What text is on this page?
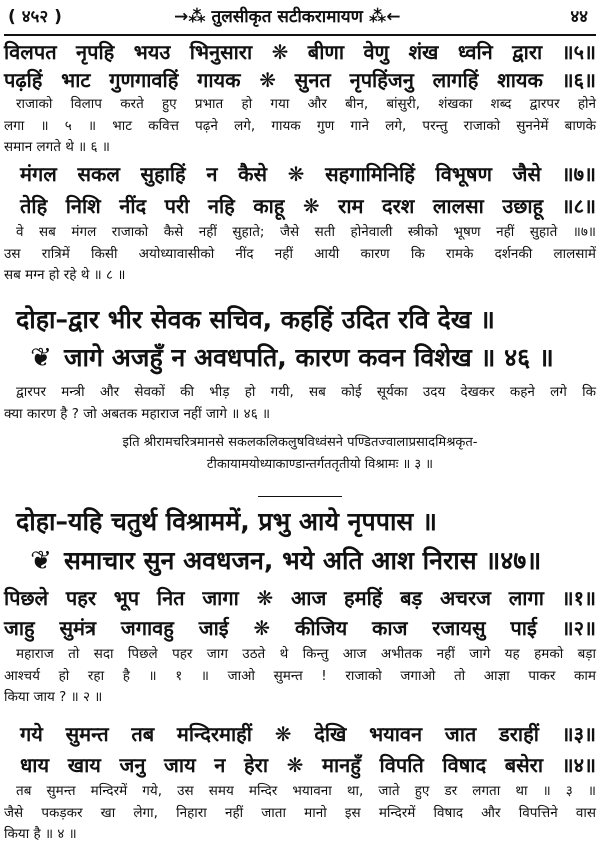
( ४५२ )	→⁂ तुलसीकृत सटीकरामायण ⁂←	४४
विलपत नृपहि भयउ भिनुसारा ❋ बीणा वेणु शंख ध्वनि द्वारा ॥५॥
पढ़हिं भाट गुणगावहिं गायक ❋ सुनत नृपहिंजनु लागहिं शायक ॥६॥
राजाको विलाप करते हुए प्रभात हो गया और बीन, बांसुरी, शंखका शब्द द्वारपर होने
लगा ॥ ५ ॥ भाट कवित्त पढ़ने लगे, गायक गुण गाने लगे, परन्तु राजाको सुननेमें बाणके
समान लगते थे ॥ ६ ॥
मंगल सकल सुहाहिं न कैसे ❋ सहगामिनिहिं विभूषण जैसे ॥७॥
तेहि निशि नींद परी नहि काहू ❋ राम दरश लालसा उछाहू ॥८॥
वे सब मंगल राजाको कैसे नहीं सुहाते; जैसे सती होनेवाली स्त्रीको भूषण नहीं सुहाते ॥७॥
उस रात्रिमें किसी अयोध्यावासीको नींद नहीं आयी कारण कि रामके दर्शनकी लालसामें
सब मग्न हो रहे थे ॥ ८ ॥
दोहा–द्वार भीर सेवक सचिव, कहहिं उदित रवि देख ॥
❦ जागे अजहुँ न अवधपति, कारण कवन विशेख ॥ ४६ ॥
द्वारपर मन्त्री और सेवकों की भीड़ हो गयी, सब कोई सूर्यका उदय देखकर कहने लगे कि
क्या कारण है ? जो अबतक महाराज नहीं जागे ॥ ४६ ॥
इति श्रीरामचरित्रमानसे सकलकलिकलुषविध्वंसने पण्डितज्वालाप्रसादमिश्रकृत-
टीकायामयोध्याकाण्डान्तर्गततृतीयो विश्रामः ॥ ३ ॥
दोहा–यहि चतुर्थ विश्राममें, प्रभु आये नृपपास ॥
❦ समाचार सुन अवधजन, भये अति आश निरास ॥४७॥
पिछले पहर भूप नित जागा ❋ आज हमहिं बड़ अचरज लागा ॥१॥
जाहु सुमंत्र जगावहु जाई ❋ कीजिय काज रजायसु पाई ॥२॥
महाराज तो सदा पिछले पहर जाग उठते थे किन्तु आज अभीतक नहीं जागे यह हमको बड़ा
आश्चर्य हो रहा है ॥ १ ॥ जाओ सुमन्त ! राजाको जगाओ तो आज्ञा पाकर काम
किया जाय ? ॥ २ ॥
गये सुमन्त तब मन्दिरमाहीं ❋ देखि भयावन जात डराहीं ॥३॥
धाय खाय जनु जाय न हेरा ❋ मानहुँ विपति विषाद बसेरा ॥४॥
तब सुमन्त मन्दिरमें गये, उस समय मन्दिर भयावना था, जाते हुए डर लगता था ॥ ३ ॥
जैसे पकड़कर खा लेगा, निहारा नहीं जाता मानो इस मन्दिरमें विषाद और विपत्तिने वास
किया है ॥ ४ ॥
